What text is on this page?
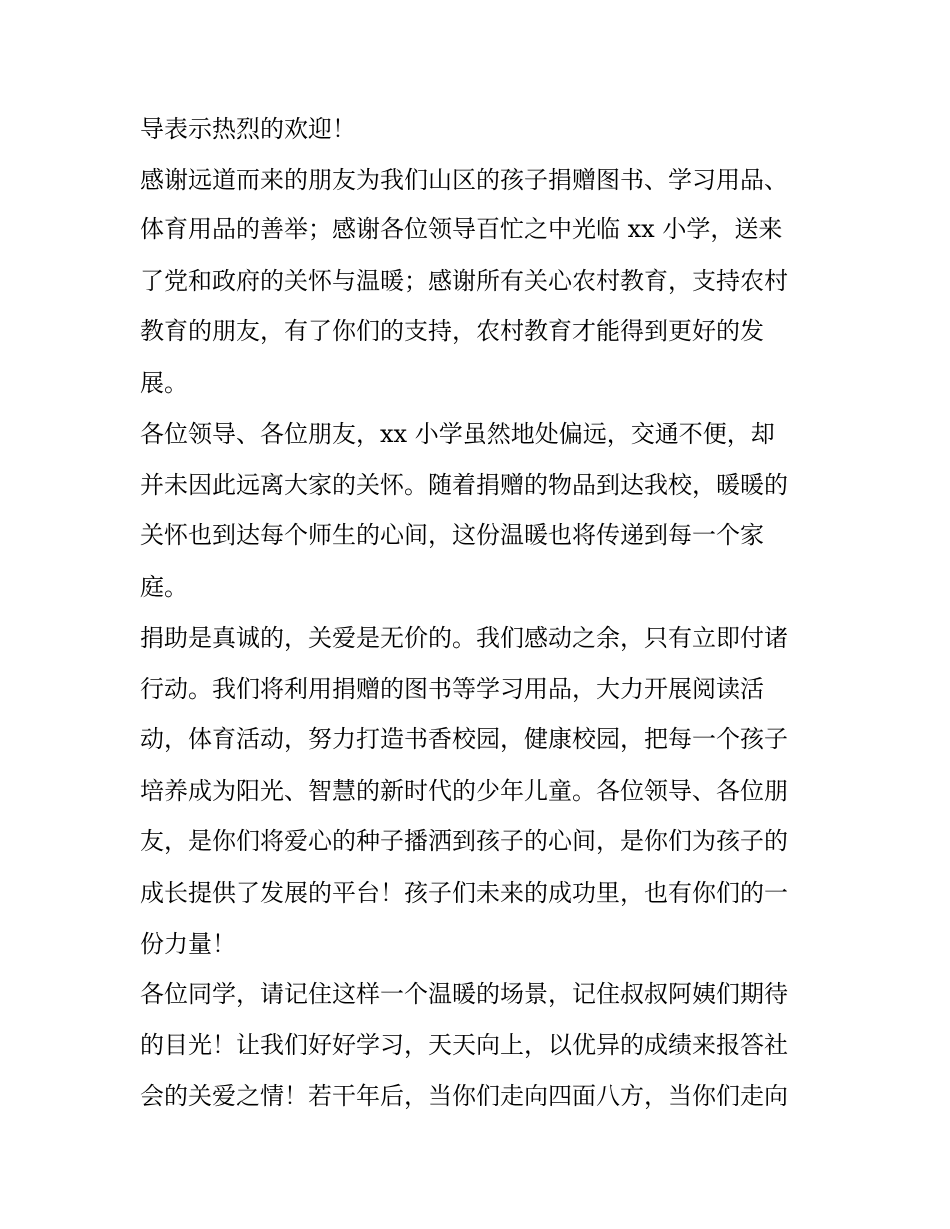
导表示热烈的欢迎！
感谢远道而来的朋友为我们山区的孩子捐赠图书、学习用品、
体育用品的善举；感谢各位领导百忙之中光临 xx 小学，送来
了党和政府的关怀与温暖；感谢所有关心农村教育，支持农村
教育的朋友，有了你们的支持，农村教育才能得到更好的发
展。
各位领导、各位朋友，xx 小学虽然地处偏远，交通不便，却
并未因此远离大家的关怀。随着捐赠的物品到达我校，暖暖的
关怀也到达每个师生的心间，这份温暖也将传递到每一个家
庭。
捐助是真诚的，关爱是无价的。我们感动之余，只有立即付诸
行动。我们将利用捐赠的图书等学习用品，大力开展阅读活
动，体育活动，努力打造书香校园，健康校园，把每一个孩子
培养成为阳光、智慧的新时代的少年儿童。各位领导、各位朋
友，是你们将爱心的种子播洒到孩子的心间，是你们为孩子的
成长提供了发展的平台！孩子们未来的成功里，也有你们的一
份力量！
各位同学，请记住这样一个温暖的场景，记住叔叔阿姨们期待
的目光！让我们好好学习，天天向上，以优异的成绩来报答社
会的关爱之情！若干年后，当你们走向四面八方，当你们走向
